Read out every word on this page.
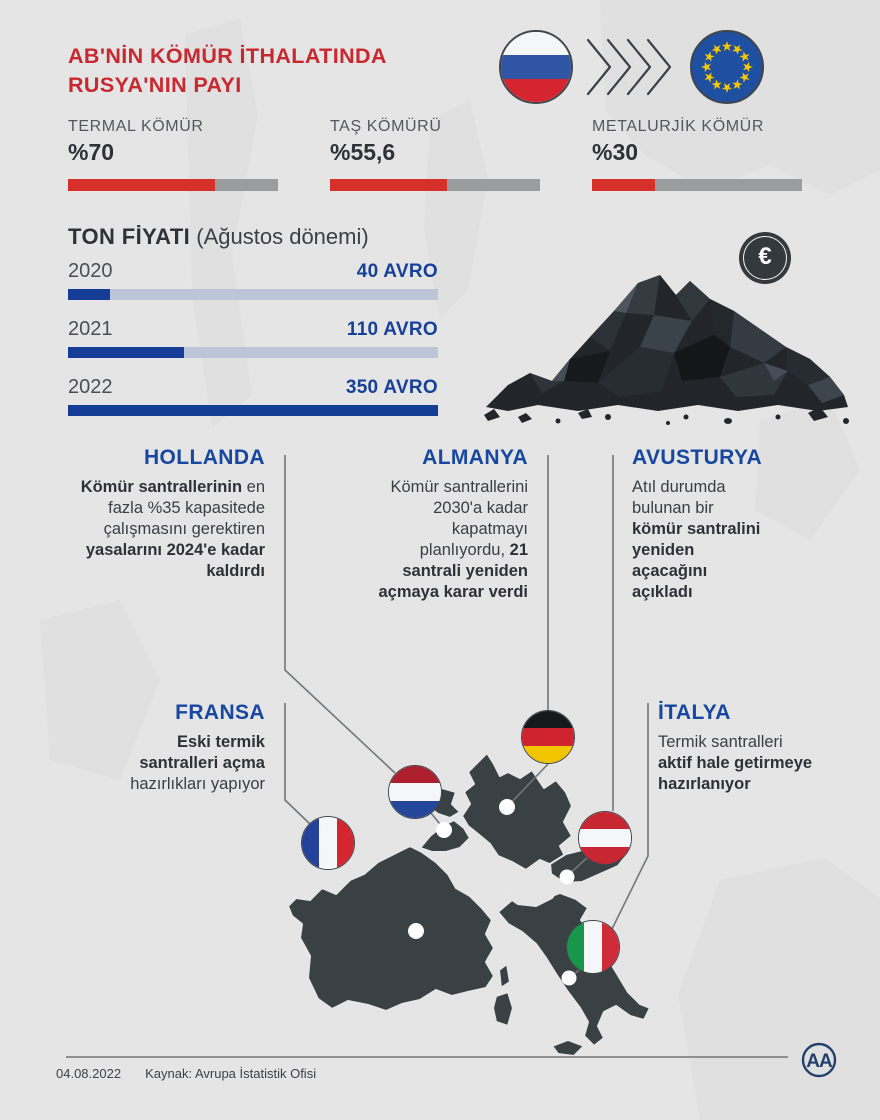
AB'NİN KÖMÜR İTHALATINDA
RUSYA'NIN PAYI
TERMAL KÖMÜR
%70
TAŞ KÖMÜRÜ
%55,6
METALURJİK KÖMÜR
%30
TON FİYATI (Ağustos dönemi)
2020	40 AVRO
2021	110 AVRO
2022	350 AVRO
€
HOLLANDA
Kömür santrallerinin en fazla %35 kapasitede çalışmasını gerektiren yasalarını 2024'e kadar kaldırdı
ALMANYA
Kömür santrallerini 2030'a kadar kapatmayı planlıyordu, 21 santrali yeniden açmaya karar verdi
AVUSTURYA
Atıl durumda bulunan bir kömür santralini yeniden açacağını açıkladı
FRANSA
Eski termik santralleri açma hazırlıkları yapıyor
İTALYA
Termik santralleri aktif hale getirmeye hazırlanıyor
04.08.2022 Kaynak: Avrupa İstatistik Ofisi
AA
